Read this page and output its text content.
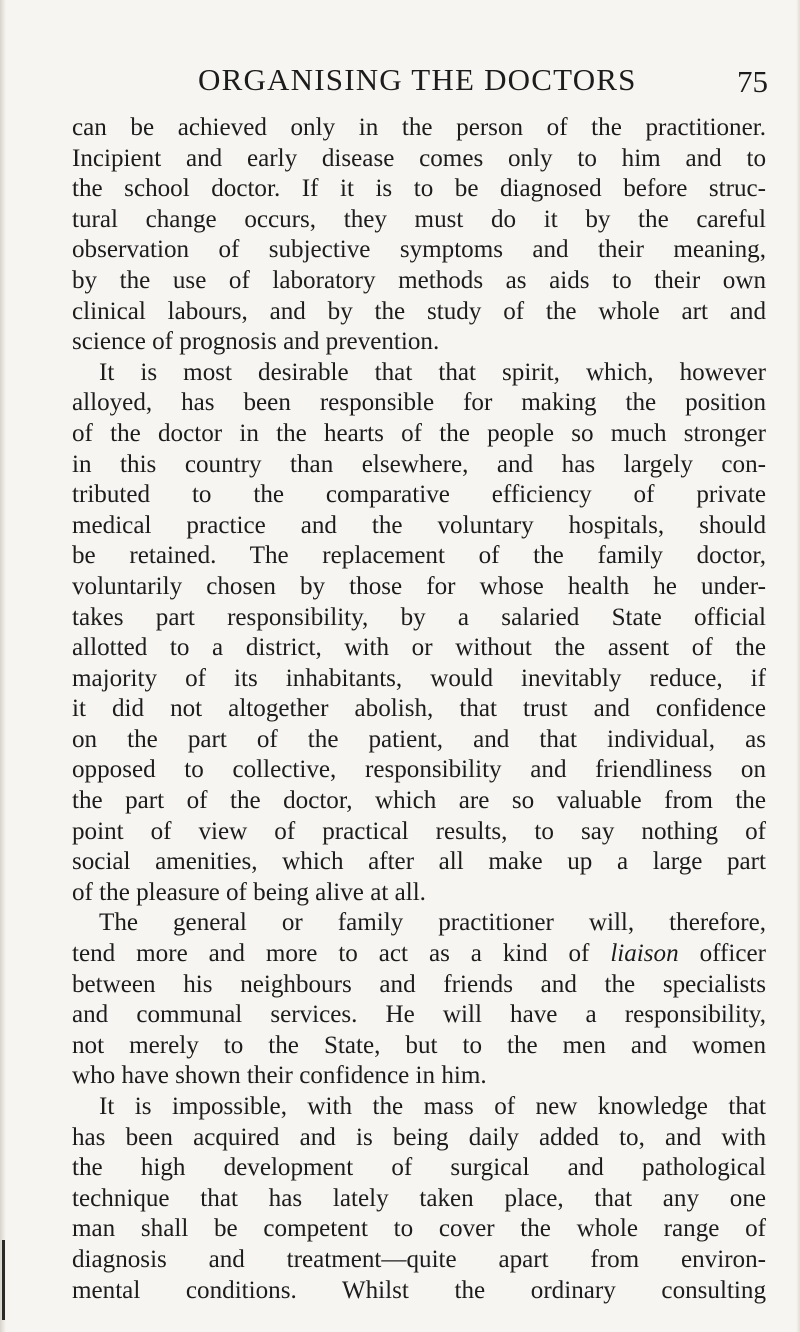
ORGANISING THE DOCTORS	75
can be achieved only in the person of the practitioner.
Incipient and early disease comes only to him and to
the school doctor. If it is to be diagnosed before struc-
tural change occurs, they must do it by the careful
observation of subjective symptoms and their meaning,
by the use of laboratory methods as aids to their own
clinical labours, and by the study of the whole art and
science of prognosis and prevention.
It is most desirable that that spirit, which, however
alloyed, has been responsible for making the position
of the doctor in the hearts of the people so much stronger
in this country than elsewhere, and has largely con-
tributed to the comparative efficiency of private
medical practice and the voluntary hospitals, should
be retained. The replacement of the family doctor,
voluntarily chosen by those for whose health he under-
takes part responsibility, by a salaried State official
allotted to a district, with or without the assent of the
majority of its inhabitants, would inevitably reduce, if
it did not altogether abolish, that trust and confidence
on the part of the patient, and that individual, as
opposed to collective, responsibility and friendliness on
the part of the doctor, which are so valuable from the
point of view of practical results, to say nothing of
social amenities, which after all make up a large part
of the pleasure of being alive at all.
The general or family practitioner will, therefore,
tend more and more to act as a kind of liaison officer
between his neighbours and friends and the specialists
and communal services. He will have a responsibility,
not merely to the State, but to the men and women
who have shown their confidence in him.
It is impossible, with the mass of new knowledge that
has been acquired and is being daily added to, and with
the high development of surgical and pathological
technique that has lately taken place, that any one
man shall be competent to cover the whole range of
diagnosis and treatment—quite apart from environ-
mental conditions. Whilst the ordinary consulting
